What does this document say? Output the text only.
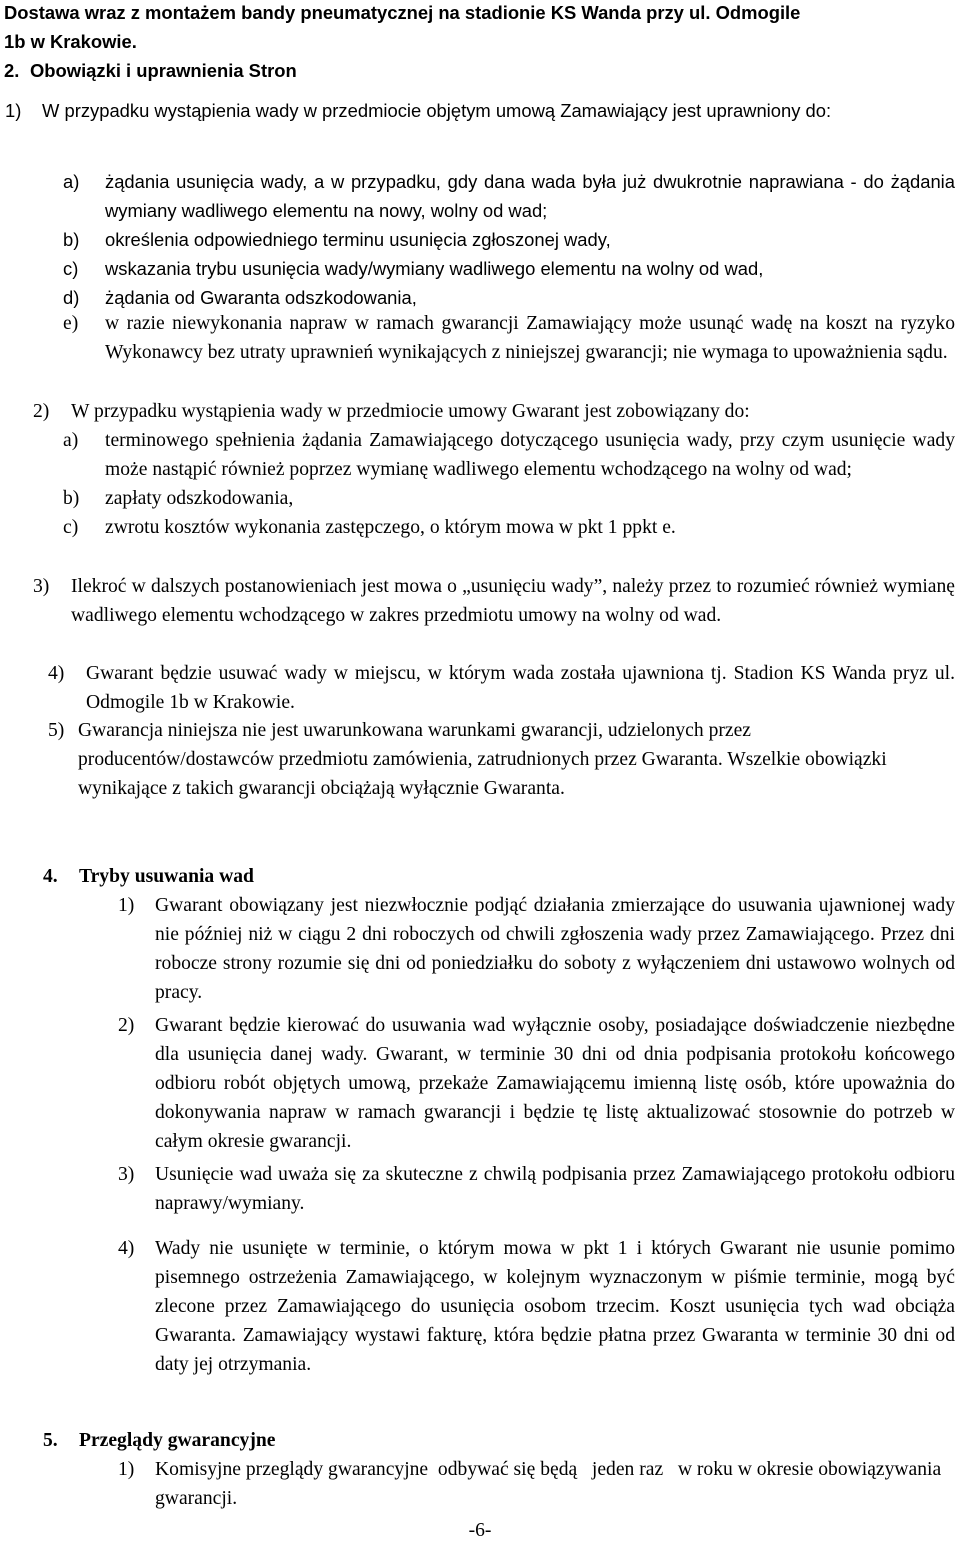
Dostawa wraz z montażem bandy pneumatycznej na stadionie KS Wanda przy ul. Odmogile
1b w Krakowie.
2. Obowiązki i uprawnienia Stron
1)	W przypadku wystąpienia wady w przedmiocie objętym umową Zamawiający jest uprawniony do:
a)	żądania usunięcia wady, a w przypadku, gdy dana wada była już dwukrotnie naprawiana - do żądania wymiany wadliwego elementu na nowy, wolny od wad;
b)	określenia odpowiedniego terminu usunięcia zgłoszonej wady,
c)	wskazania trybu usunięcia wady/wymiany wadliwego elementu na wolny od wad,
d)	żądania od Gwaranta odszkodowania,
e)	w razie niewykonania napraw w ramach gwarancji Zamawiający może usunąć wadę na koszt na ryzyko Wykonawcy bez utraty uprawnień wynikających z niniejszej gwarancji; nie wymaga to upoważnienia sądu.
2)	W przypadku wystąpienia wady w przedmiocie umowy Gwarant jest zobowiązany do:
a)	terminowego spełnienia żądania Zamawiającego dotyczącego usunięcia wady, przy czym usunięcie wady może nastąpić również poprzez wymianę wadliwego elementu wchodzącego na wolny od wad;
b)	zapłaty odszkodowania,
c)	zwrotu kosztów wykonania zastępczego, o którym mowa w pkt 1 ppkt e.
3)	Ilekroć w dalszych postanowieniach jest mowa o „usunięciu wady”, należy przez to rozumieć również wymianę wadliwego elementu wchodzącego w zakres przedmiotu umowy na wolny od wad.
4)	Gwarant będzie usuwać wady w miejscu, w którym wada została ujawniona tj. Stadion KS Wanda pryz ul. Odmogile 1b w Krakowie.
5) Gwarancja niniejsza nie jest uwarunkowana warunkami gwarancji, udzielonych przez producentów/dostawców przedmiotu zamówienia, zatrudnionych przez Gwaranta. Wszelkie obowiązki wynikające z takich gwarancji obciążają wyłącznie Gwaranta.
4. Tryby usuwania wad
1)	Gwarant obowiązany jest niezwłocznie podjąć działania zmierzające do usuwania ujawnionej wady nie później niż w ciągu 2 dni roboczych od chwili zgłoszenia wady przez Zamawiającego. Przez dni robocze strony rozumie się dni od poniedziałku do soboty z wyłączeniem dni ustawowo wolnych od pracy.
2)	Gwarant będzie kierować do usuwania wad wyłącznie osoby, posiadające doświadczenie niezbędne dla usunięcia danej wady. Gwarant, w terminie 30 dni od dnia podpisania protokołu końcowego odbioru robót objętych umową, przekaże Zamawiającemu imienną listę osób, które upoważnia do dokonywania napraw w ramach gwarancji i będzie tę listę aktualizować stosownie do potrzeb w całym okresie gwarancji.
3)	Usunięcie wad uważa się za skuteczne z chwilą podpisania przez Zamawiającego protokołu odbioru naprawy/wymiany.
4)	Wady nie usunięte w terminie, o którym mowa w pkt 1 i których Gwarant nie usunie pomimo pisemnego ostrzeżenia Zamawiającego, w kolejnym wyznaczonym w piśmie terminie, mogą być zlecone przez Zamawiającego do usunięcia osobom trzecim. Koszt usunięcia tych wad obciąża Gwaranta. Zamawiający wystawi fakturę, która będzie płatna przez Gwaranta w terminie 30 dni od daty jej otrzymania.
5. Przeglądy gwarancyjne
1)	Komisyjne przeglądy gwarancyjne  odbywać się będą   jeden raz   w roku w okresie obowiązywania gwarancji.
-6-
